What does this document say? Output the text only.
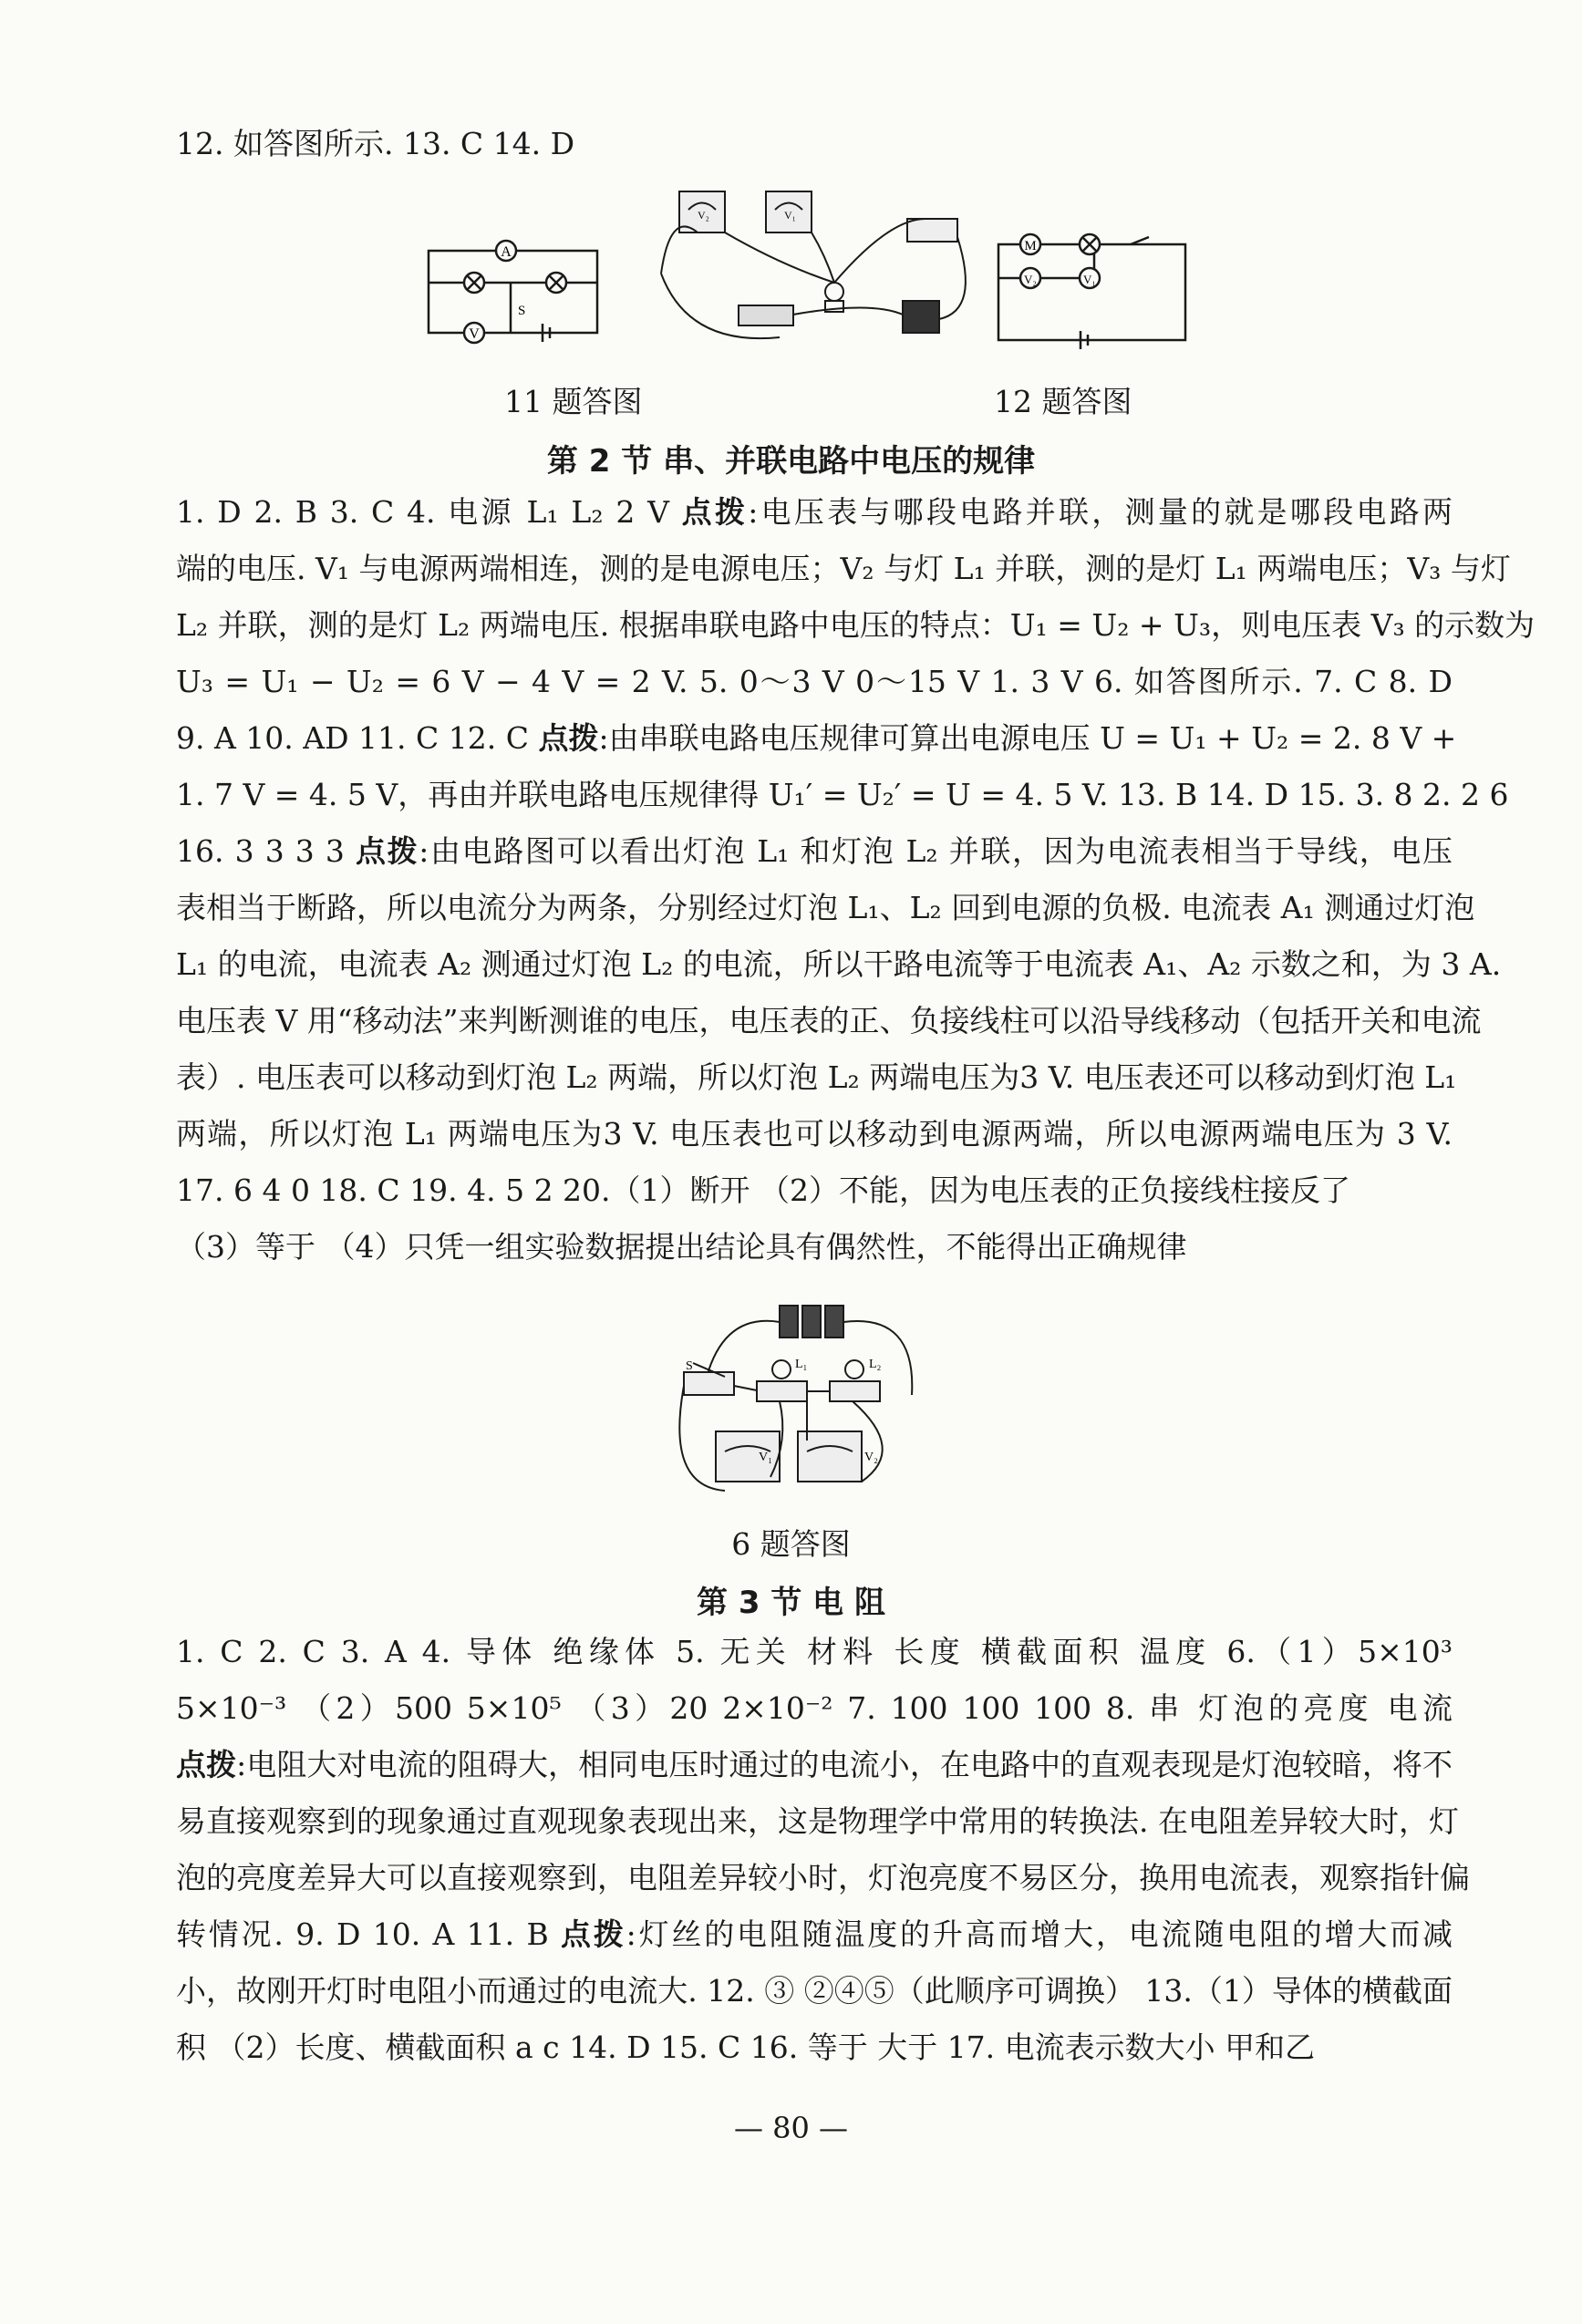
12. 如答图所示. 13. C 14. D
A
V
S
V₂	V₁
M
V₂	V₁
11 题答图	12 题答图
第 2 节 串、并联电路中电压的规律
1. D 2. B 3. C 4. 电源 L₁ L₂ 2 V 点拨:电压表与哪段电路并联，测量的就是哪段电路两
端的电压. V₁ 与电源两端相连，测的是电源电压；V₂ 与灯 L₁ 并联，测的是灯 L₁ 两端电压；V₃ 与灯
L₂ 并联，测的是灯 L₂ 两端电压. 根据串联电路中电压的特点：U₁ = U₂ + U₃，则电压表 V₃ 的示数为
U₃ = U₁ − U₂ = 6 V − 4 V = 2 V. 5. 0～3 V 0～15 V 1. 3 V 6. 如答图所示. 7. C 8. D
9. A 10. AD 11. C 12. C 点拨:由串联电路电压规律可算出电源电压 U = U₁ + U₂ = 2. 8 V +
1. 7 V = 4. 5 V，再由并联电路电压规律得 U₁′ = U₂′ = U = 4. 5 V. 13. B 14. D 15. 3. 8 2. 2 6
16. 3 3 3 3 点拨:由电路图可以看出灯泡 L₁ 和灯泡 L₂ 并联，因为电流表相当于导线，电压
表相当于断路，所以电流分为两条，分别经过灯泡 L₁、L₂ 回到电源的负极. 电流表 A₁ 测通过灯泡
L₁ 的电流，电流表 A₂ 测通过灯泡 L₂ 的电流，所以干路电流等于电流表 A₁、A₂ 示数之和，为 3 A.
电压表 V 用“移动法”来判断测谁的电压，电压表的正、负接线柱可以沿导线移动（包括开关和电流
表）. 电压表可以移动到灯泡 L₂ 两端，所以灯泡 L₂ 两端电压为3 V. 电压表还可以移动到灯泡 L₁
两端，所以灯泡 L₁ 两端电压为3 V. 电压表也可以移动到电源两端，所以电源两端电压为 3 V.
17. 6 4 0 18. C 19. 4. 5 2 20.（1）断开 （2）不能，因为电压表的正负接线柱接反了
（3）等于 （4）只凭一组实验数据提出结论具有偶然性，不能得出正确规律
S	L₁	L₂
V₁	V₂
6 题答图
第 3 节 电 阻
1. C 2. C 3. A 4. 导体 绝缘体 5. 无关 材料 长度 横截面积 温度 6.（1）5×10³
5×10⁻³ （2）500 5×10⁵ （3）20 2×10⁻² 7. 100 100 100 8. 串 灯泡的亮度 电流
点拨:电阻大对电流的阻碍大，相同电压时通过的电流小，在电路中的直观表现是灯泡较暗，将不
易直接观察到的现象通过直观现象表现出来，这是物理学中常用的转换法. 在电阻差异较大时，灯
泡的亮度差异大可以直接观察到，电阻差异较小时，灯泡亮度不易区分，换用电流表，观察指针偏
转情况. 9. D 10. A 11. B 点拨:灯丝的电阻随温度的升高而增大，电流随电阻的增大而减
小，故刚开灯时电阻小而通过的电流大. 12. ③ ②④⑤（此顺序可调换） 13.（1）导体的横截面
积 （2）长度、横截面积 a c 14. D 15. C 16. 等于 大于 17. 电流表示数大小 甲和乙
— 80 —
